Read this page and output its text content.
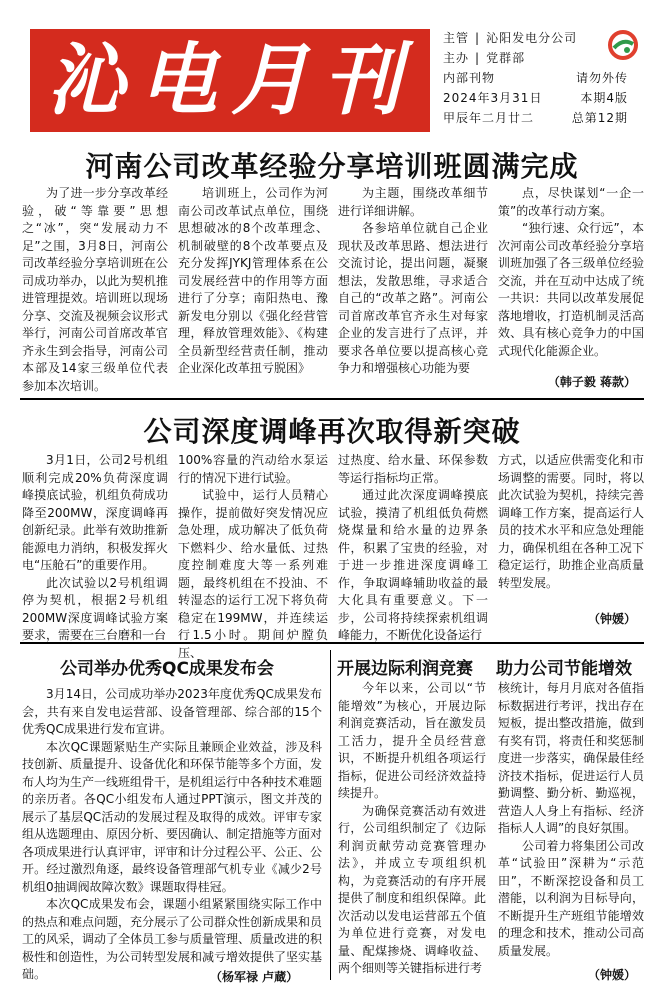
沁电月刊	主管 | 沁阳发电分公司
主办 | 党群部
内部刊物	请勿外传
2024年3月31日	本期4版
甲辰年二月廿二	总第12期
河南公司改革经验分享培训班圆满完成

为了进一步分享改革经验，破“等靠要”思想之“冰”，突“发展动力不足”之围，3月8日，河南公司改革经验分享培训班在公司成功举办，以此为契机推进管理提效。培训班以现场分享、交流及视频会议形式举行，河南公司首席改革官齐永生到会指导，河南公司本部及14家三级单位代表参加本次培训。

培训班上，公司作为河南公司改革试点单位，围绕思想破冰的8个改革理念、机制破壁的8个改革要点及充分发挥JYKJ管理体系在公司发展经营中的作用等方面进行了分享；南阳热电、豫新发电分别以《强化经营管理，释放管理效能》、《构建全员新型经营责任制，推动企业深化改革扭亏脱困》

为主题，围绕改革细节进行详细讲解。

各参培单位就自己企业现状及改革思路、想法进行交流讨论，提出问题，凝聚想法，发散思维，寻求适合自己的“改革之路”。河南公司首席改革官齐永生对每家企业的发言进行了点评，并要求各单位要以提高核心竞争力和增强核心功能为要

点，尽快谋划“一企一策”的改革行动方案。

“独行速、众行远”，本次河南公司改革经验分享培训班加强了各三级单位经验交流，并在互动中达成了统一共识：共同以改革发展促落地增收，打造机制灵活高效、具有核心竞争力的中国式现代化能源企业。

（韩子毅 蒋款）
公司深度调峰再次取得新突破

3月1日，公司2号机组顺利完成20%负荷深度调峰摸底试验，机组负荷成功降至200MW，深度调峰再创新纪录。此举有效助推新能源电力消纳，积极发挥火电“压舱石”的重要作用。

此次试验以2号机组调停为契机，根据2号机组200MW深度调峰试验方案要求，需要在三台磨和一台

100%容量的汽动给水泵运行的情况下进行试验。

试验中，运行人员精心操作，提前做好突发情况应急处理，成功解决了低负荷下燃料少、给水量低、过热度控制难度大等一系列难题，最终机组在不投油、不转湿态的运行工况下将负荷稳定在199MW，并连续运行1.5小时。期间炉膛负压、

过热度、给水量、环保参数等运行指标均正常。

通过此次深度调峰摸底试验，摸清了机组低负荷燃烧煤量和给水量的边界条件，积累了宝贵的经验，对于进一步推进深度调峰工作，争取调峰辅助收益的最大化具有重要意义。下一步，公司将持续探索机组调峰能力，不断优化设备运行

方式，以适应供需变化和市场调整的需要。同时，将以此次试验为契机，持续完善调峰工作方案，提高运行人员的技术水平和应急处理能力，确保机组在各种工况下稳定运行，助推企业高质量转型发展。

（钟媛）
公司举办优秀QC成果发布会

3月14日，公司成功举办2023年度优秀QC成果发布会，共有来自发电运营部、设备管理部、综合部的15个优秀QC成果进行发布宣讲。

本次QC课题紧贴生产实际且兼顾企业效益，涉及科技创新、质量提升、设备优化和环保节能等多个方面，发布人均为生产一线班组骨干，是机组运行中各种技术难题的亲历者。各QC小组发布人通过PPT演示，图文并茂的展示了基层QC活动的发展过程及取得的成效。评审专家组从选题理由、原因分析、要因确认、制定措施等方面对各项成果进行认真评审，评审和计分过程公平、公正、公开。经过激烈角逐，最终设备管理部气机专业《减少2号机组0抽调阀故障次数》课题取得桂冠。

本次QC成果发布会，课题小组紧紧围绕实际工作中的热点和难点问题，充分展示了公司群众性创新成果和员工的风采，调动了全体员工参与质量管理、质量改进的积极性和创造性，为公司转型发展和减亏增效提供了坚实基础。	（杨军禄 卢蔵）
开展边际利润竞赛

今年以来，公司以“节能增效”为核心，开展边际利润竞赛活动，旨在激发员工活力，提升全员经营意识，不断提升机组各项运行指标，促进公司经济效益持续提升。

为确保竞赛活动有效进行，公司组织制定了《边际利润贡献劳动竞赛管理办法》，并成立专项组织机构，为竞赛活动的有序开展提供了制度和组织保障。此次活动以发电运营部五个值为单位进行竞赛，对发电量、配煤掺烧、调峰收益、两个细则等关键指标进行考

助力公司节能增效

核统计，每月月底对各值指标数据进行考评，找出存在短板，提出整改措施，做到有奖有罚，将责任和奖惩制度进一步落实，确保最佳经济技术指标，促进运行人员勤调整、勤分析、勤巡视，营造人人身上有指标、经济指标人人调”的良好氛围。

公司着力将集团公司改革“试验田”深耕为“示范田”，不断深挖设备和员工潜能，以利润为目标导向，不断提升生产班组节能增效的理念和技术，推动公司高质量发展。

（钟媛）
